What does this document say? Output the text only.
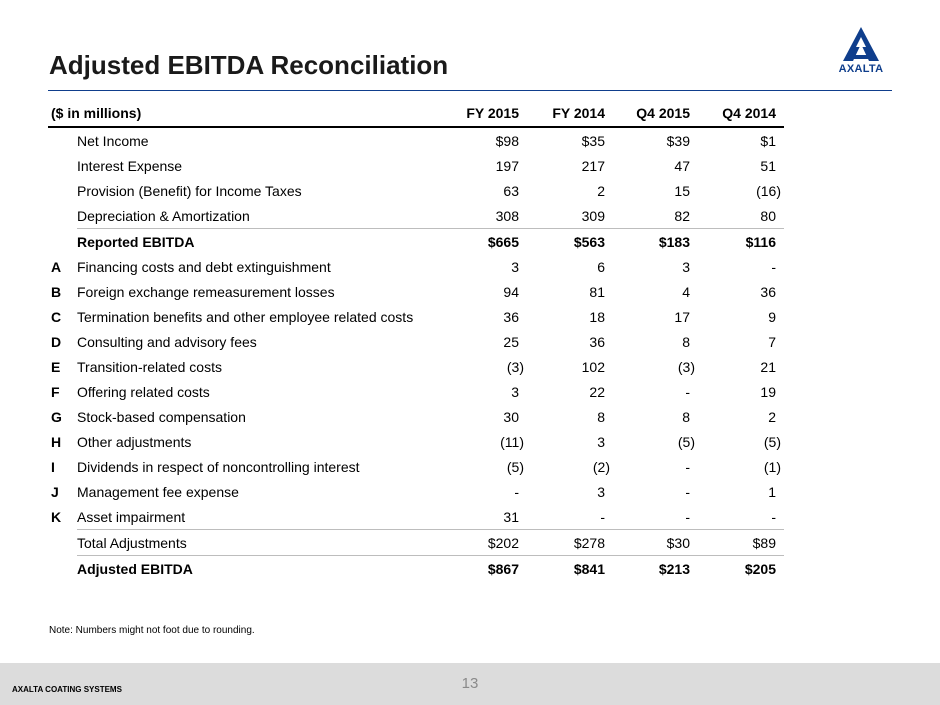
Adjusted EBITDA Reconciliation	AXALTA
($ in millions)		FY 2015	FY 2014	Q4 2015	Q4 2014
	Net Income	$98	$35	$39	$1
	Interest Expense	197	217	47	51
	Provision (Benefit) for Income Taxes	63	2	15	(16)
	Depreciation & Amortization	308	309	82	80
	Reported EBITDA	$665	$563	$183	$116
A	Financing costs and debt extinguishment	3	6	3	-
B	Foreign exchange remeasurement losses	94	81	4	36
C	Termination benefits and other employee related costs	36	18	17	9
D	Consulting and advisory fees	25	36	8	7
E	Transition-related costs	(3)	102	(3)	21
F	Offering related costs	3	22	-	19
G	Stock-based compensation	30	8	8	2
H	Other adjustments	(11)	3	(5)	(5)
I	Dividends in respect of noncontrolling interest	(5)	(2)	-	(1)
J	Management fee expense	-	3	-	1
K	Asset impairment	31	-	-	-
	Total Adjustments	$202	$278	$30	$89
	Adjusted EBITDA	$867	$841	$213	$205
Note: Numbers might not foot due to rounding.
AXALTA COATING SYSTEMS	13
